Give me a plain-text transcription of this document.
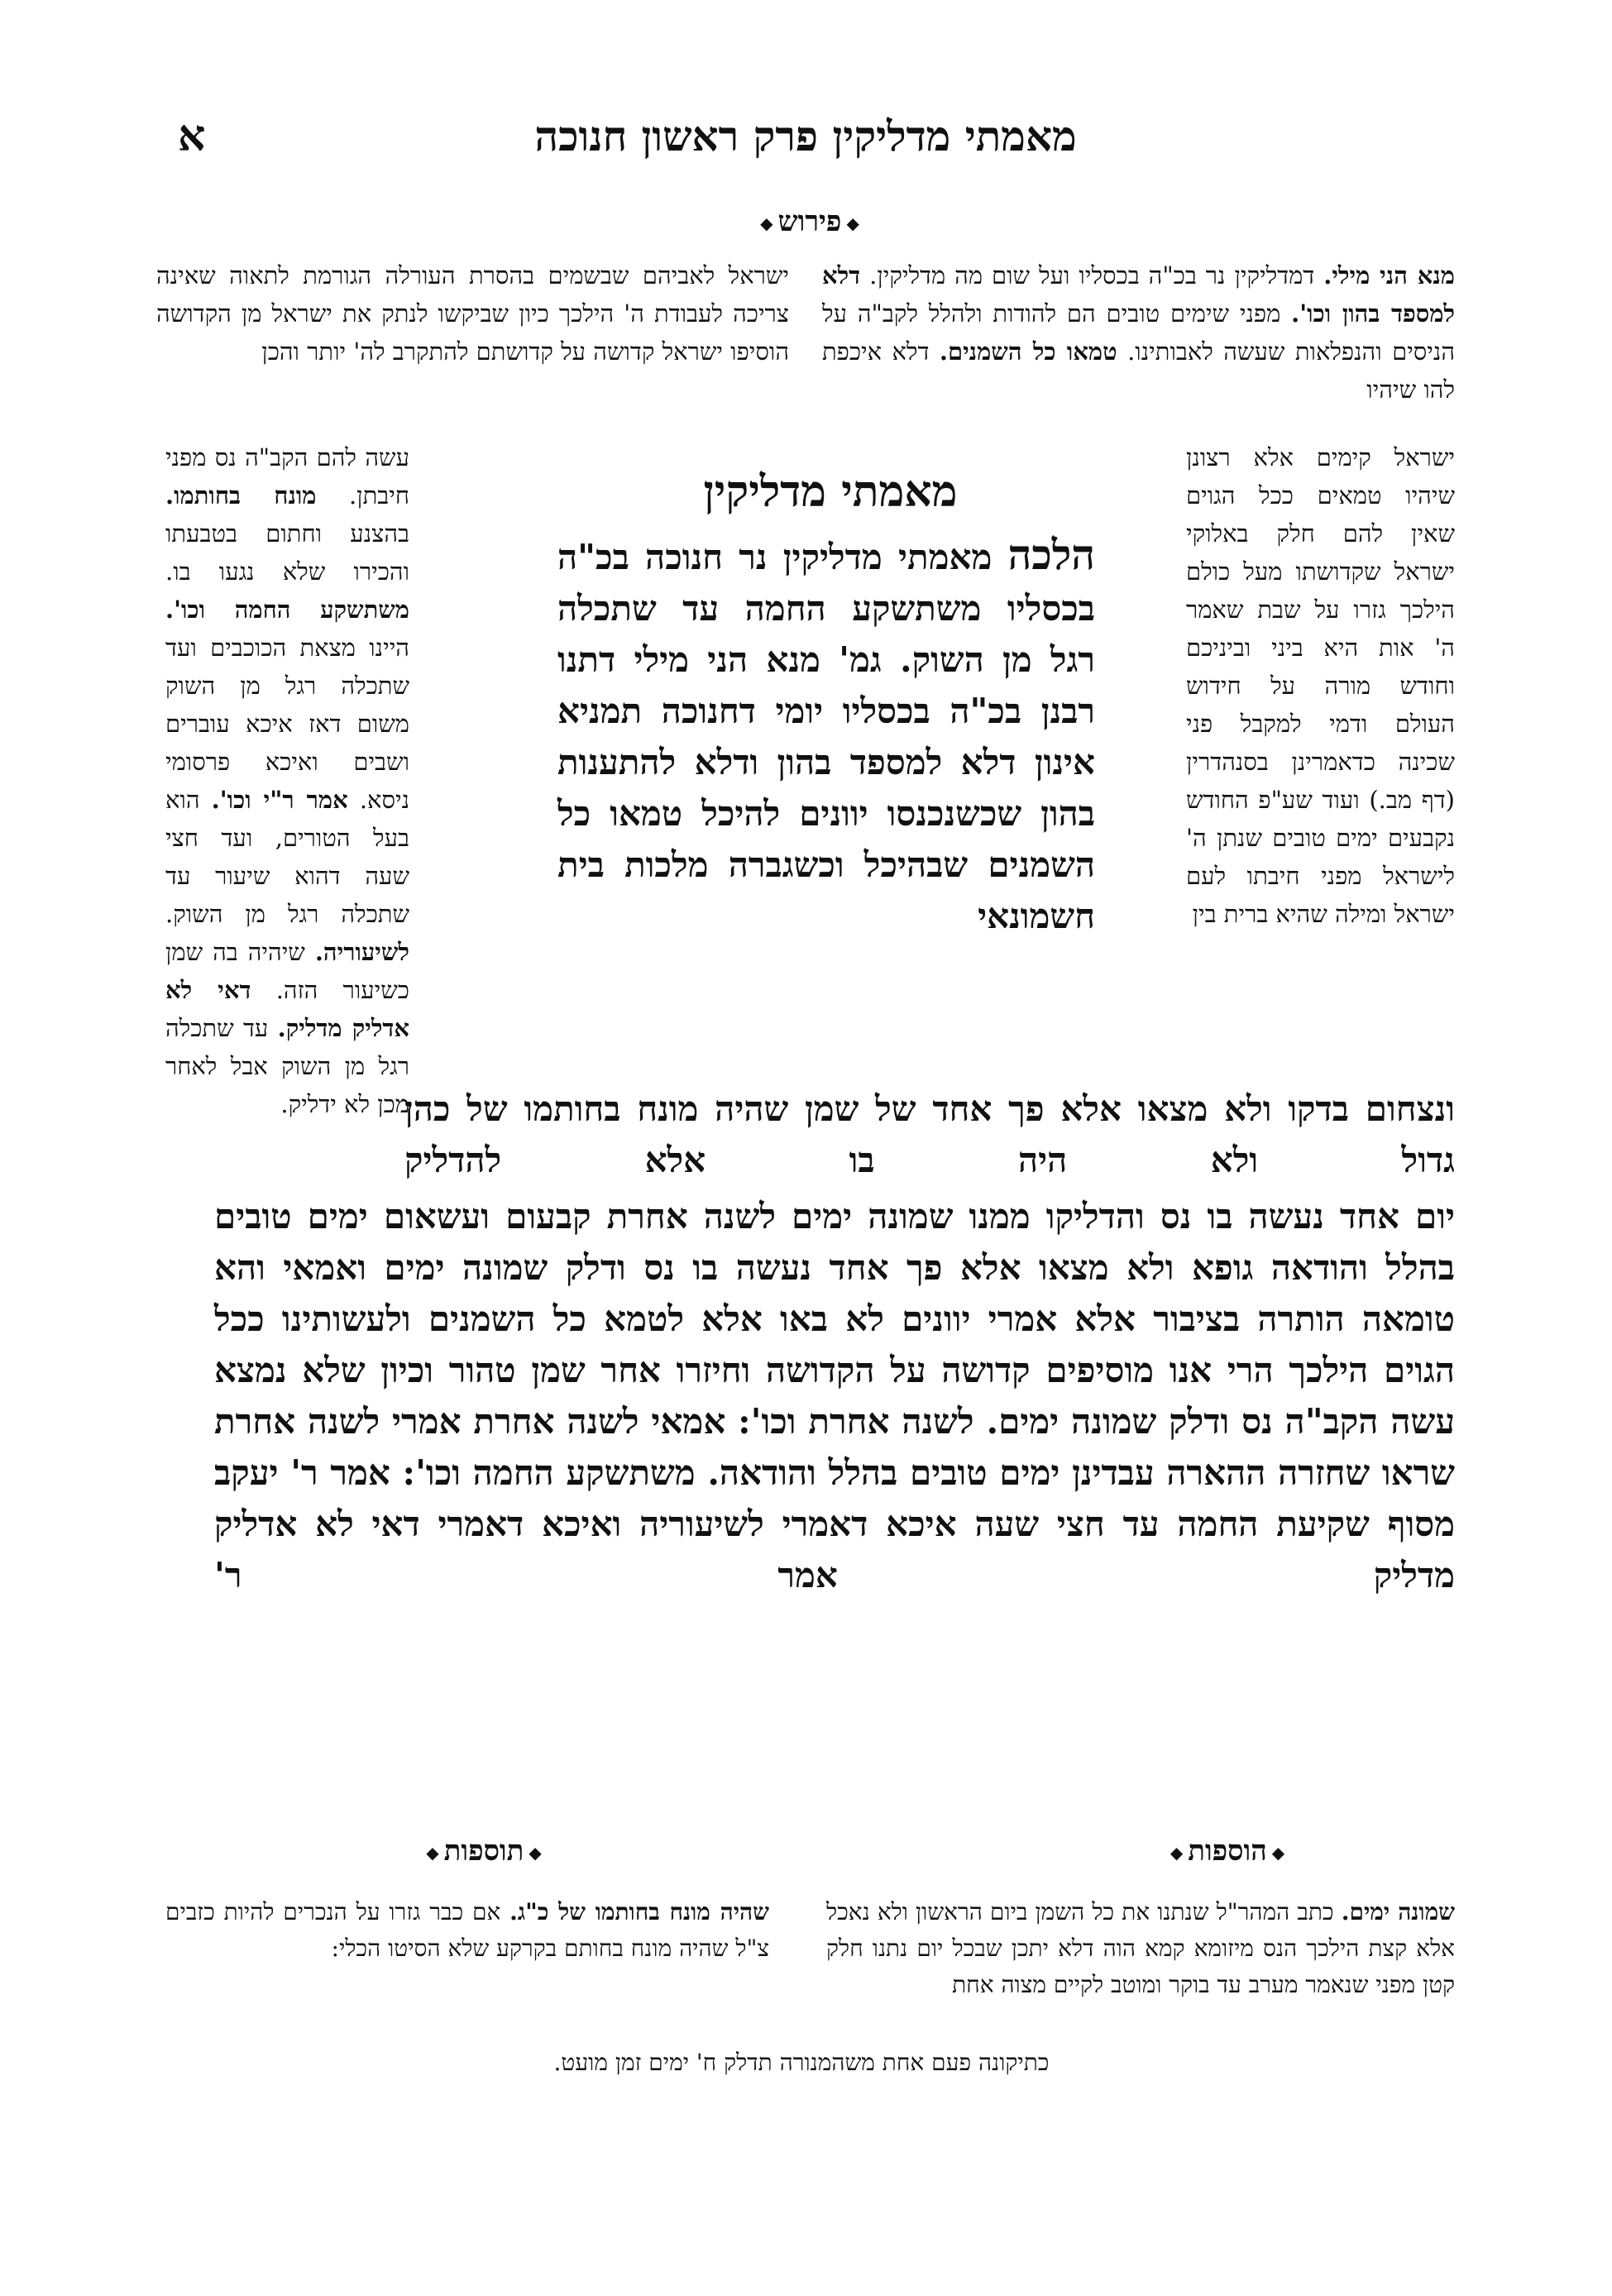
מאמתי מדליקין פרק ראשון חנוכה
א
◆פירוש◆

מנא הני מילי. דמדליקין נר בכ"ה בכסליו ועל שום מה מדליקין. דלא למספד בהון וכו'. מפני שימים טובים הם להודות ולהלל לקב"ה על הניסים והנפלאות שעשה לאבותינו. טמאו כל השמנים. דלא איכפת להו שיהיו

ישראל לאביהם שבשמים בהסרת העורלה הגורמת לתאוה שאינה צריכה לעבודת ה' הילכך כיון שביקשו לנתק את ישראל מן הקדושה הוסיפו ישראל קדושה על קדושתם להתקרב לה' יותר והכן

ישראל קימים אלא רצונן שיהיו טמאים ככל הגוים שאין להם חלק באלוקי ישראל שקדושתו מעל כולם הילכך גזרו על שבת שאמר ה' אות היא ביני וביניכם וחודש מורה על חידוש העולם ודמי למקבל פני שכינה כדאמרינן בסנהדרין (דף מב.) ועוד שע"פ החודש נקבעים ימים טובים שנתן ה' לישראל מפני חיבתו לעם ישראל ומילה שהיא ברית בין
עשה להם הקב"ה נס מפני חיבתן. מונח בחותמו. בהצנע וחתום בטבעתו והכירו שלא נגעו בו. משתשקע החמה וכו'. היינו מצאת הכוכבים ועד שתכלה רגל מן השוק משום דאז איכא עוברים ושבים ואיכא פרסומי ניסא. אמר ר"י וכו'. הוא בעל הטורים, ועד חצי שעה דהוא שיעור עד שתכלה רגל מן השוק. לשיעוריה. שיהיה בה שמן כשיעור הזה. דאי לא אדליק מדליק. עד שתכלה רגל מן השוק אבל לאחר מכן לא ידליק.
מאמתי מדליקין
הלכה מאמתי מדליקין נר חנוכה בכ"ה בכסליו משתשקע החמה עד שתכלה רגל מן השוק. גמ' מנא הני מילי דתנו רבנן בכ"ה בכסליו יומי דחנוכה תמניא אינון דלא למספד בהון ודלא להתענות בהון שכשנכנסו יוונים להיכל טמאו כל השמנים שבהיכל וכשגברה מלכות בית חשמונאי
ונצחום בדקו ולא מצאו אלא פך אחד של שמן שהיה מונח בחותמו של כהן גדול ולא היה בו אלא להדליק
יום אחד נעשה בו נס והדליקו ממנו שמונה ימים לשנה אחרת קבעום ועשאום ימים טובים בהלל והודאה גופא ולא מצאו אלא פך אחד נעשה בו נס ודלק שמונה ימים ואמאי והא טומאה הותרה בציבור אלא אמרי יוונים לא באו אלא לטמא כל השמנים ולעשותינו ככל הגוים הילכך הרי אנו מוסיפים קדושה על הקדושה וחיזרו אחר שמן טהור וכיון שלא נמצא עשה הקב"ה נס ודלק שמונה ימים. לשנה אחרת וכו': אמאי לשנה אחרת אמרי לשנה אחרת שראו שחזרה ההארה עבדינן ימים טובים בהלל והודאה. משתשקע החמה וכו': אמר ר' יעקב מסוף שקיעת החמה עד חצי שעה איכא דאמרי לשיעוריה ואיכא דאמרי דאי לא אדליק מדליק אמר ר'
◆הוספות◆
◆תוספות◆
שמונה ימים. כתב המהר"ל שנתנו את כל השמן ביום הראשון ולא נאכל אלא קצת הילכך הנס מיזומא קמא הוה דלא יתכן שבכל יום נתנו חלק קטן מפני שנאמר מערב עד בוקר ומוטב לקיים מצוה אחת
כתיקונה פעם אחת משהמנורה תדלק ח' ימים זמן מועט.
שהיה מונח בחותמו של כ"ג. אם כבר גזרו על הנכרים להיות כזבים צ"ל שהיה מונח בחותם בקרקע שלא הסיטו הכלי:
